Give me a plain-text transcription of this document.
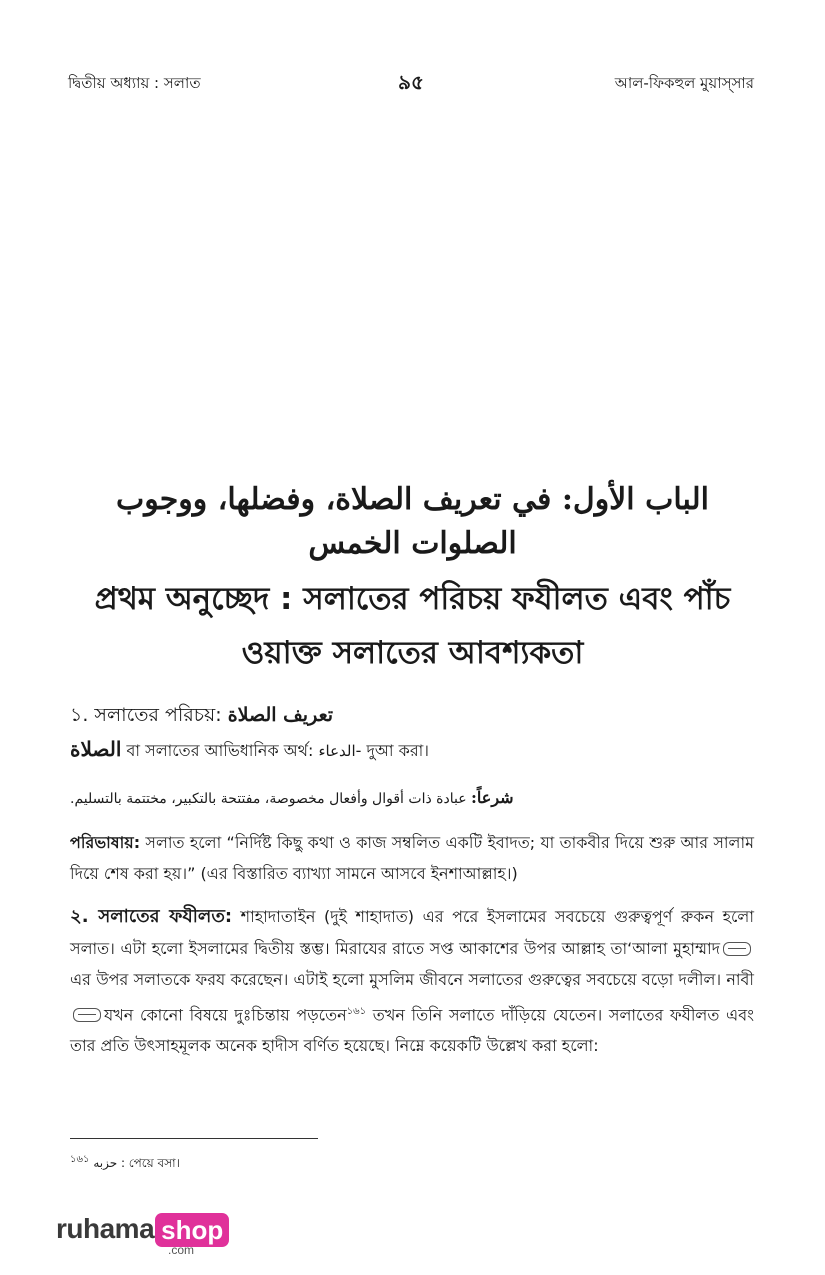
দ্বিতীয় অধ্যায় : সলাত	৯৫	আল-ফিকহুল মুয়াস্‌সার
الباب الأول: في تعريف الصلاة، وفضلها، ووجوب الصلوات الخمس
প্রথম অনুচ্ছেদ : সলাতের পরিচয় ফযীলত এবং পাঁচ
ওয়াক্ত সলাতের আবশ্যকতা
১. সলাতের পরিচয়: تعريف الصلاة
الصلاة বা সলাতের আভিধানিক অর্থ: الدعاء- দুআ করা।
شرعاً: عبادة ذات أقوال وأفعال مخصوصة، مفتتحة بالتكبير، مختتمة بالتسليم.
পরিভাষায়: সলাত হলো “নির্দিষ্ট কিছু কথা ও কাজ সম্বলিত একটি ইবাদত; যা তাকবীর দিয়ে শুরু আর সালাম দিয়ে শেষ করা হয়।” (এর বিস্তারিত ব্যাখ্যা সামনে আসবে ইনশাআল্লাহ।)
২. সলাতের ফযীলত: শাহাদাতাইন (দুই শাহাদাত) এর পরে ইসলামের সবচেয়ে গুরুত্বপূর্ণ রুকন হলো সলাত। এটা হলো ইসলামের দ্বিতীয় স্তম্ভ। মিরাযের রাতে সপ্ত আকাশের উপর আল্লাহ তা‘আলা মুহাম্মাদএর উপর সলাতকে ফরয করেছেন। এটাই হলো মুসলিম জীবনে সলাতের গুরুত্বের সবচেয়ে বড়ো দলীল। নাবীযখন কোনো বিষয়ে দুঃচিন্তায় পড়তেন$^{১৬১}$ তখন তিনি সলাতে দাঁড়িয়ে যেতেন। সলাতের ফযীলত এবং তার প্রতি উৎসাহমূলক অনেক হাদীস বর্ণিত হয়েছে। নিম্নে কয়েকটি উল্লেখ করা হলো:
$^{১৬১}$ حزبه : পেয়ে বসা।
ruhama shop
.com
